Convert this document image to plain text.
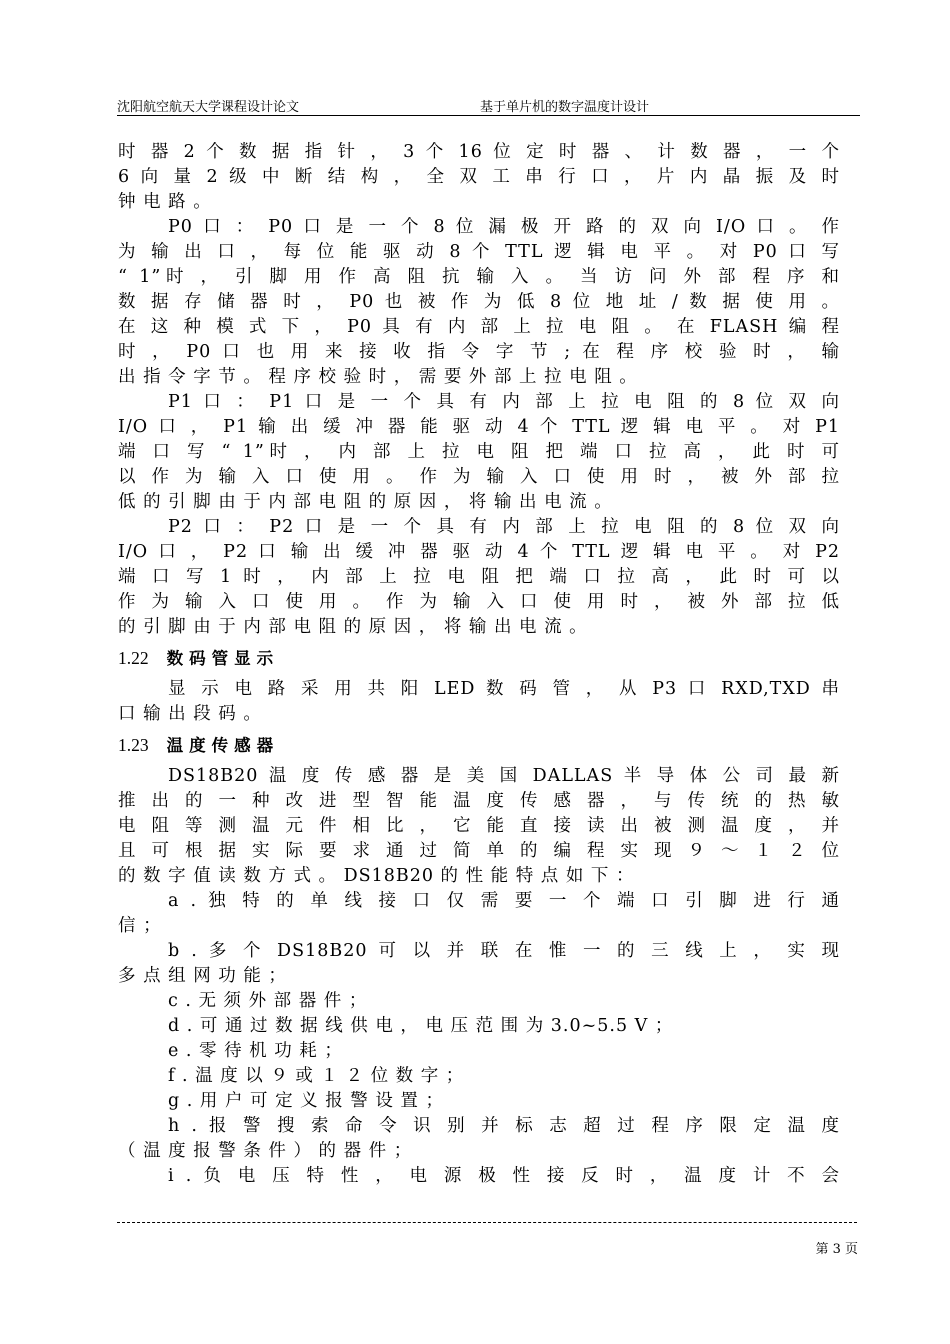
沈阳航空航天大学课程设计论文	基于单片机的数字温度计设计
时 器 2 个 数 据 指 针 ， 3 个 16 位 定 时 器 、 计 数 器 ， 一 个
6 向 量 2 级 中 断 结 构 ， 全 双 工 串 行 口 ， 片 内 晶 振 及 时
钟 电 路 。
P0 口 ： P0 口 是 一 个 8 位 漏 极 开 路 的 双 向 I/O 口 。 作
为 输 出 口 ， 每 位 能 驱 动 8 个 TTL 逻 辑 电 平 。 对 P0 口 写
“ 1”时 ， 引 脚 用 作 高 阻 抗 输 入 。 当 访 问 外 部 程 序 和
数 据 存 储 器 时 ， P0 也 被 作 为 低 8 位 地 址 / 数 据 使 用 。
在 这 种 模 式 下 ， P0 具 有 内 部 上 拉 电 阻 。 在 FLASH 编 程
时 ， P0 口 也 用 来 接 收 指 令 字 节 ; 在 程 序 校 验 时 ， 输
出 指 令 字 节 。 程 序 校 验 时 ， 需 要 外 部 上 拉 电 阻 。
P1 口 ： P1 口 是 一 个 具 有 内 部 上 拉 电 阻 的 8 位 双 向
I/O 口 ， P1 输 出 缓 冲 器 能 驱 动 4 个 TTL 逻 辑 电 平 。 对 P1
端 口 写 “ 1”时 ， 内 部 上 拉 电 阻 把 端 口 拉 高 ， 此 时 可
以 作 为 输 入 口 使 用 。 作 为 输 入 口 使 用 时 ， 被 外 部 拉
低 的 引 脚 由 于 内 部 电 阻 的 原 因 ， 将 输 出 电 流 。
P2 口 ： P2 口 是 一 个 具 有 内 部 上 拉 电 阻 的 8 位 双 向
I/O 口 ， P2 口 输 出 缓 冲 器 驱 动 4 个 TTL 逻 辑 电 平 。 对 P2
端 口 写 1 时 ， 内 部 上 拉 电 阻 把 端 口 拉 高 ， 此 时 可 以
作 为 输 入 口 使 用 。 作 为 输 入 口 使 用 时 ， 被 外 部 拉 低
的 引 脚 由 于 内 部 电 阻 的 原 因 ， 将 输 出 电 流 。
1.22 数码管显示
显 示 电 路 采 用 共 阳 LED 数 码 管 ， 从 P3 口 RXD,TXD 串
口 输 出 段 码 。
1.23 温度传感器
DS18B20 温 度 传 感 器 是 美 国 DALLAS 半 导 体 公 司 最 新
推 出 的 一 种 改 进 型 智 能 温 度 传 感 器 ， 与 传 统 的 热 敏
电 阻 等 测 温 元 件 相 比 ， 它 能 直 接 读 出 被 测 温 度 ， 并
且 可 根 据 实 际 要 求 通 过 简 单 的 编 程 实 现 ９ ～ １ ２ 位
的 数 字 值 读 数 方 式 。 DS18B20 的 性 能 特 点 如 下 ：
a . 独 特 的 单 线 接 口 仅 需 要 一 个 端 口 引 脚 进 行 通
信 ；
b . 多 个 DS18B20 可 以 并 联 在 惟 一 的 三 线 上 ， 实 现
多 点 组 网 功 能 ；
c . 无 须 外 部 器 件 ；
d . 可 通 过 数 据 线 供 电 ， 电 压 范 围 为 3.0~5.5 V ；
e . 零 待 机 功 耗 ；
f . 温 度 以 ９ 或 １ ２ 位 数 字 ；
g . 用 户 可 定 义 报 警 设 置 ；
h . 报 警 搜 索 命 令 识 别 并 标 志 超 过 程 序 限 定 温 度
（ 温 度 报 警 条 件 ） 的 器 件 ；
i . 负 电 压 特 性 ， 电 源 极 性 接 反 时 ， 温 度 计 不 会
第 3 页
